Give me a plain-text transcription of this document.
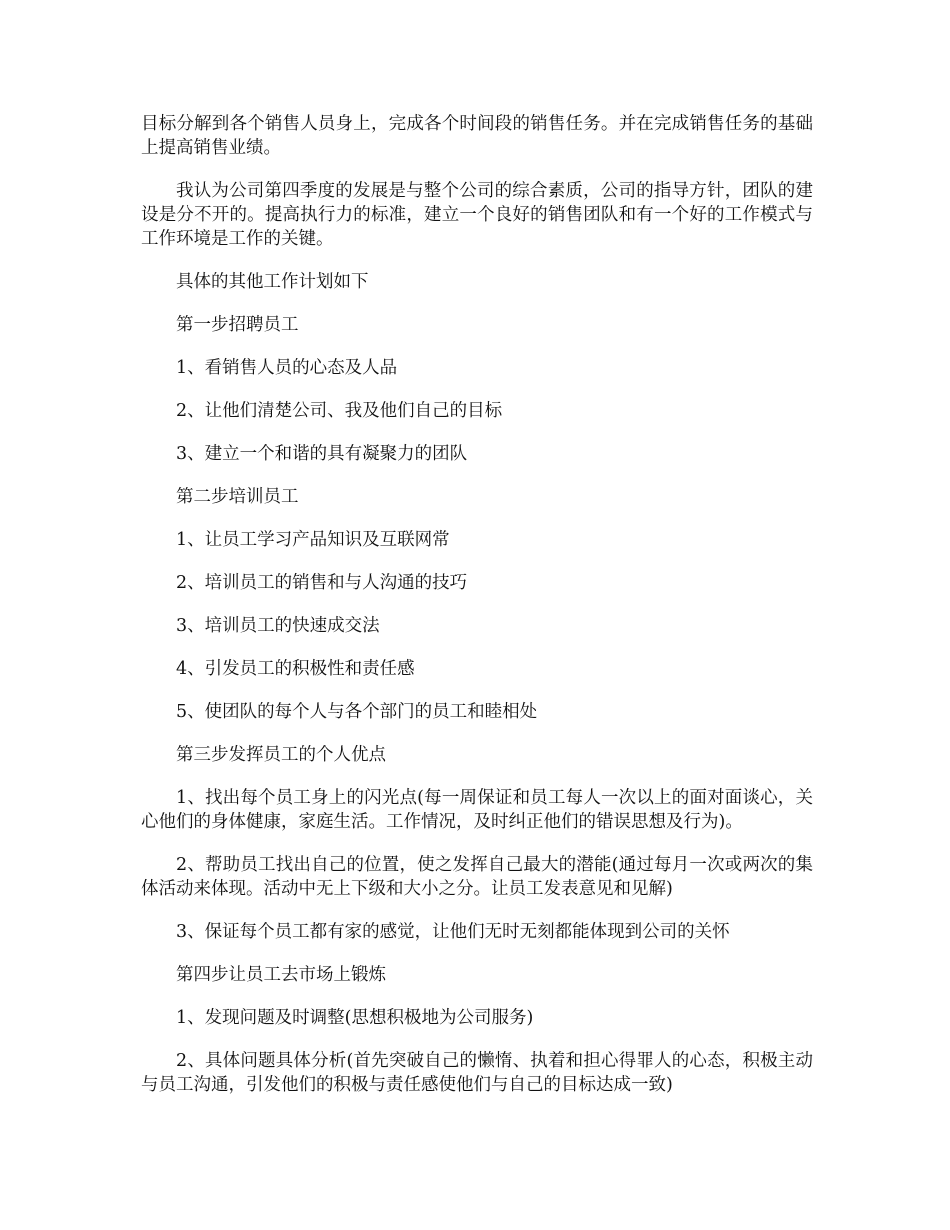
目标分解到各个销售人员身上，完成各个时间段的销售任务。并在完成销售任务的基础上提高销售业绩。

我认为公司第四季度的发展是与整个公司的综合素质，公司的指导方针，团队的建设是分不开的。提高执行力的标准，建立一个良好的销售团队和有一个好的工作模式与工作环境是工作的关键。

具体的其他工作计划如下

第一步招聘员工

1、看销售人员的心态及人品

2、让他们清楚公司、我及他们自己的目标

3、建立一个和谐的具有凝聚力的团队

第二步培训员工

1、让员工学习产品知识及互联网常

2、培训员工的销售和与人沟通的技巧

3、培训员工的快速成交法

4、引发员工的积极性和责任感

5、使团队的每个人与各个部门的员工和睦相处

第三步发挥员工的个人优点

1、找出每个员工身上的闪光点(每一周保证和员工每人一次以上的面对面谈心，关心他们的身体健康，家庭生活。工作情况，及时纠正他们的错误思想及行为)。

2、帮助员工找出自己的位置，使之发挥自己最大的潜能(通过每月一次或两次的集体活动来体现。活动中无上下级和大小之分。让员工发表意见和见解)

3、保证每个员工都有家的感觉，让他们无时无刻都能体现到公司的关怀

第四步让员工去市场上锻炼

1、发现问题及时调整(思想积极地为公司服务)

2、具体问题具体分析(首先突破自己的懒惰、执着和担心得罪人的心态，积极主动与员工沟通，引发他们的积极与责任感使他们与自己的目标达成一致)
